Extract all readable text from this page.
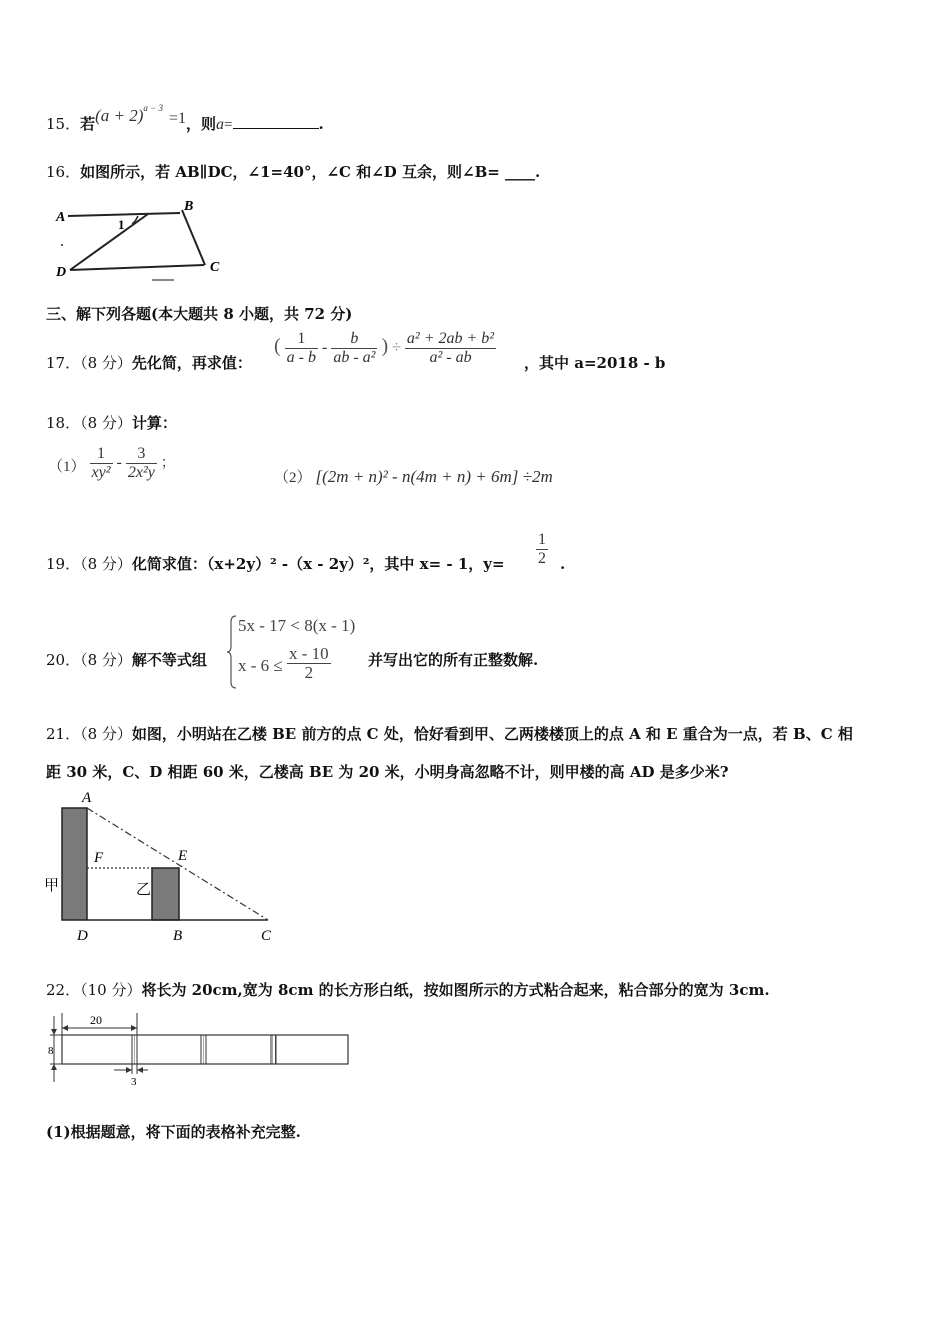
15．若$(a + 2)^{a - 3}=1$，则a=	.
16．如图所示，若 AB∥DC，∠1=40°，∠C 和∠D 互余，则∠B= ____.
A
B
C
D
1
三、解下列各题(本大题共 8 小题，共 72 分)
17．（8 分）先化简，再求值：
( $\frac{1}{a - b} - \frac{b}{\text{ab - a²}}$ ) ÷ $\frac{\text{a² + 2ab + b²}}{\text{a² - ab}}$ ，其中 a=2018 - b
18．（8 分）计算：
$(1) \frac{1}{\text{xy²}} - \frac{3}{\text{2x²y}}$ ；
（2） [(2m + n)² - n(4m + n) + 6m] ÷2m
19．（8 分）化简求值：（x+2y）² -（x - 2y）²，其中 x= - 1，$y= \frac{1}{2}$ .
20．（8 分）解不等式组
5x - 17 < 8(x - 1)
$x - 6 \le \frac{x - 10}{2}$ 并写出它的所有正整数解.
21．（8 分）如图，小明站在乙楼 BE 前方的点 C 处，恰好看到甲、乙两楼楼顶上的点 A 和 E 重合为一点，若 B、C 相
距 30 米，C、D 相距 60 米，乙楼高 BE 为 20 米，小明身高忽略不计，则甲楼的高 AD 是多少米?
A
F	E
D	B	C
甲	乙
22．（10 分）将长为 20cm,宽为 8cm 的长方形白纸，按如图所示的方式粘合起来，粘合部分的宽为 3cm.
20
8
3
(1)根据题意，将下面的表格补充完整.
